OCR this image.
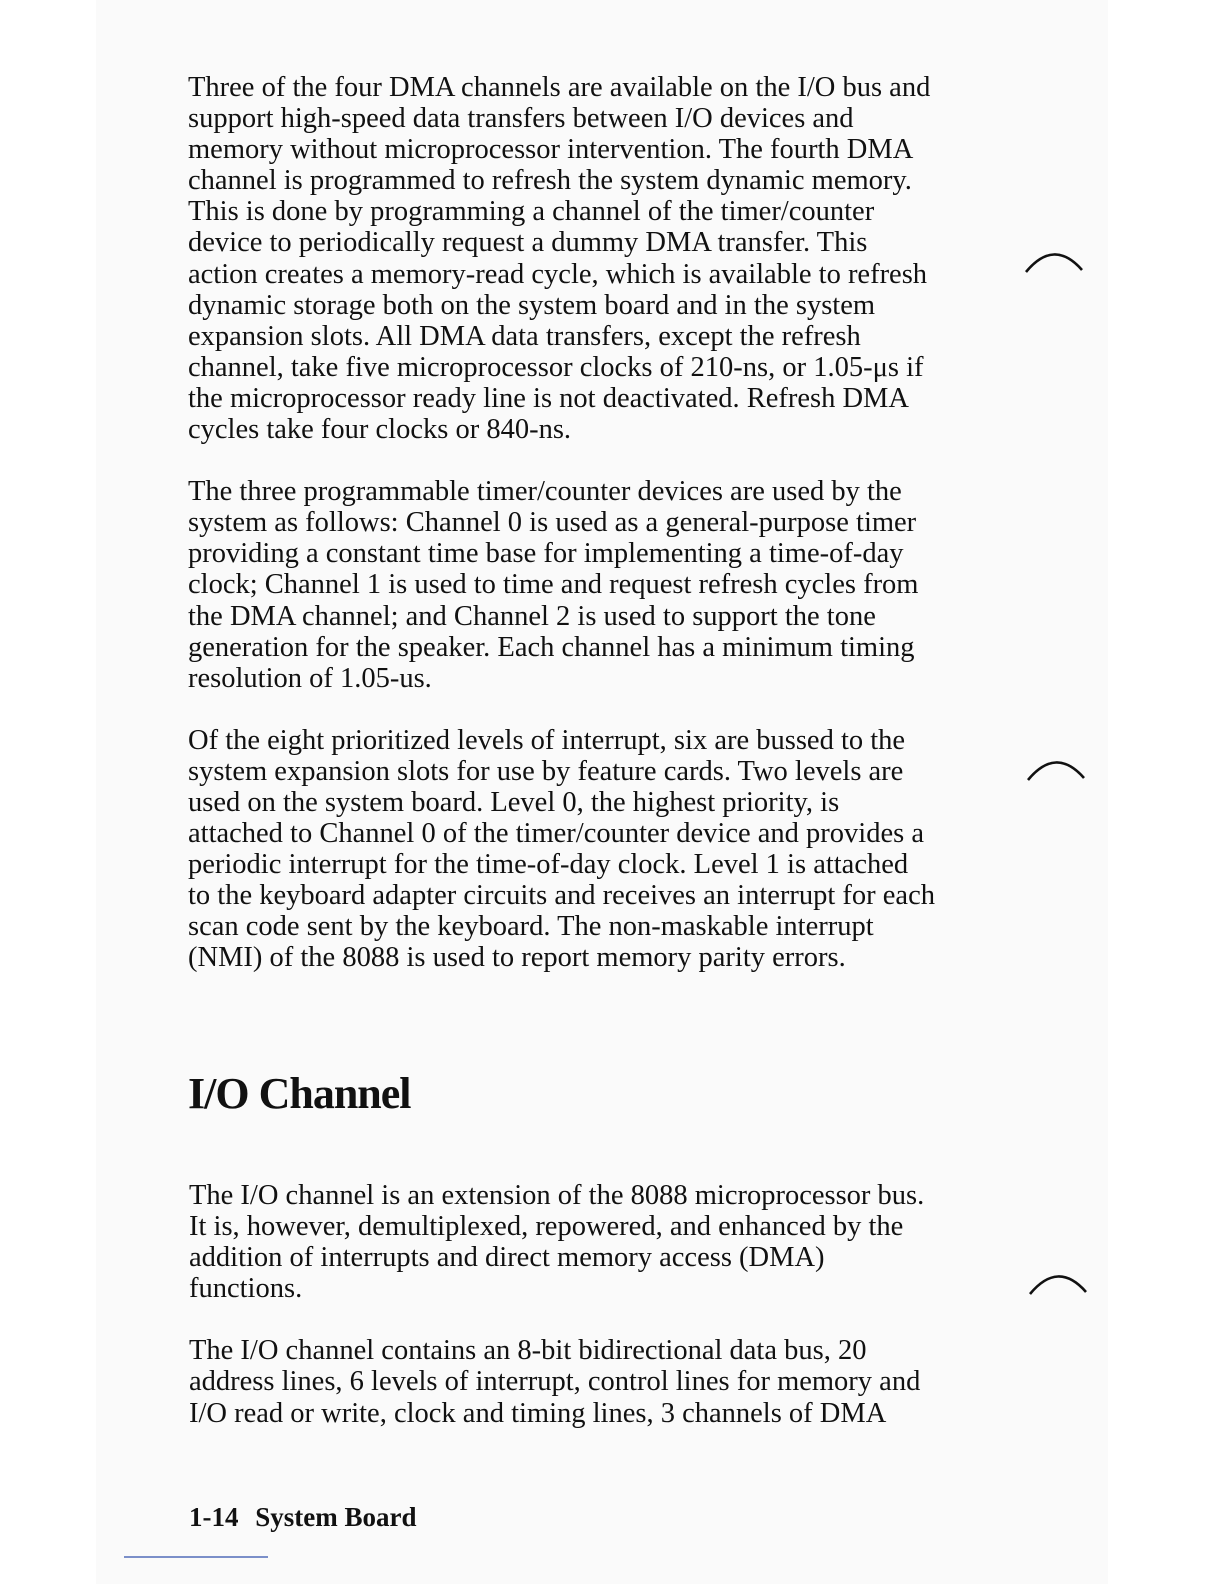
Three of the four DMA channels are available on the I/O bus and
support high-speed data transfers between I/O devices and
memory without microprocessor intervention. The fourth DMA
channel is programmed to refresh the system dynamic memory.
This is done by programming a channel of the timer/counter
device to periodically request a dummy DMA transfer. This
action creates a memory-read cycle, which is available to refresh
dynamic storage both on the system board and in the system
expansion slots. All DMA data transfers, except the refresh
channel, take five microprocessor clocks of 210-ns, or 1.05-μs if
the microprocessor ready line is not deactivated. Refresh DMA
cycles take four clocks or 840-ns.

The three programmable timer/counter devices are used by the
system as follows: Channel 0 is used as a general-purpose timer
providing a constant time base for implementing a time-of-day
clock; Channel 1 is used to time and request refresh cycles from
the DMA channel; and Channel 2 is used to support the tone
generation for the speaker. Each channel has a minimum timing
resolution of 1.05-us.

Of the eight prioritized levels of interrupt, six are bussed to the
system expansion slots for use by feature cards. Two levels are
used on the system board. Level 0, the highest priority, is
attached to Channel 0 of the timer/counter device and provides a
periodic interrupt for the time-of-day clock. Level 1 is attached
to the keyboard adapter circuits and receives an interrupt for each
scan code sent by the keyboard. The non-maskable interrupt
(NMI) of the 8088 is used to report memory parity errors.

I/O Channel

The I/O channel is an extension of the 8088 microprocessor bus.
It is, however, demultiplexed, repowered, and enhanced by the
addition of interrupts and direct memory access (DMA)
functions.

The I/O channel contains an 8-bit bidirectional data bus, 20
address lines, 6 levels of interrupt, control lines for memory and
I/O read or write, clock and timing lines, 3 channels of DMA

1-14 System Board
